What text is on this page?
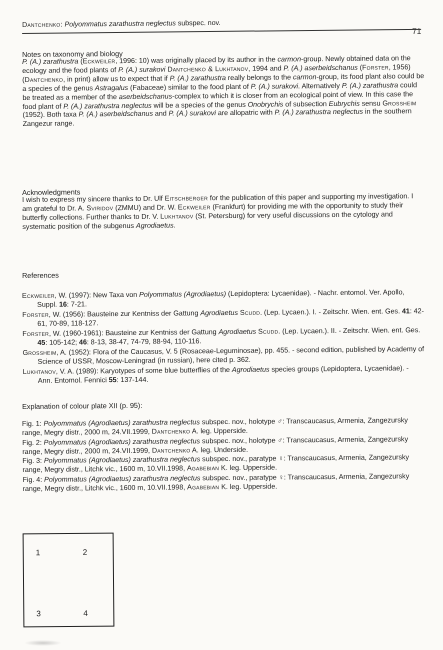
Dantchenko: Polyommatus zarathustra neglectus subspec. nov.
71

Notes on taxonomy and biology

P. (A.) zarathustra (Eckweiler, 1996: 10) was originally placed by its author in the carmon-group. Newly obtained data on the ecology and the food plants of P. (A.) surakovi Dantchenko & Lukhtanov, 1994 and P. (A.) aserbeidschanus (Forster, 1956) (Dantchenko, in print) allow us to expect that if P. (A.) zarathustra really belongs to the carmon-group, its food plant also could be a species of the genus Astragalus (Fabaceae) similar to the food plant of P. (A.) surakovi. Alternatively P. (A.) zarathustra could be treated as a member of the aserbeidschanus-complex to which it is closer from an ecological point of view. In this case the food plant of P. (A.) zarathustra neglectus will be a species of the genus Onobrychis of subsection Eubrychis sensu Grossheim (1952). Both taxa P. (A.) aserbeidschanus and P. (A.) surakovi are allopatric with P. (A.) zarathustra neglectus in the southern Zangezur range.

Acknowledgments

I wish to express my sincere thanks to Dr. Ulf Eitschberger for the publication of this paper and supporting my investigation. I am grateful to Dr. A. Sviridov (ZMMU) and Dr. W. Eckweiler (Frankfurt) for providing me with the opportunity to study their butterfly collections. Further thanks to Dr. V. Lukhtanov (St. Petersburg) for very useful discussions on the cytology and systematic position of the subgenus Agrodiaetus.

References

Eckweiler, W. (1997): New Taxa von Polyommatus (Agrodiaetus) (Lepidoptera: Lycaenidae). - Nachr. entomol. Ver. Apollo, Suppl. 16: 7-21.

Forster, W. (1956): Bausteine zur Kentniss der Gattung Agrodiaetus Scudd. (Lep. Lycaen.). I. - Zeitschr. Wien. ent. Ges. 41: 42-61, 70-89, 118-127.

Forster, W. (1960-1961): Bausteine zur Kentniss der Gattung Agrodiaetus Scudd. (Lep. Lycaen.). II. - Zeitschr. Wien. ent. Ges. 45: 105-142; 46: 8-13, 38-47, 74-79, 88-94, 110-116.

Grossheim, A. (1952): Flora of the Caucasus, V. 5 (Rosaceae-Leguminosae), pp. 455. - second edition, published by Academy of Science of USSR, Moscow-Leningrad (in russian), here cited p. 362.

Lukhtanov, V. A. (1989): Karyotypes of some blue butterflies of the Agrodiaetus species groups (Lepidoptera, Lycaenidae). - Ann. Entomol. Fennici 55: 137-144.

Explanation of colour plate XII (p. 95):

Fig. 1: Polyommatus (Agrodiaetus) zarathustra neglectus subspec. nov., holotype ♂: Transcaucasus, Armenia, Zangezursky range, Megry distr., 2000 m, 24.VII.1999, Dantchenko A. leg. Upperside.

Fig. 2: Polyommatus (Agrodiaetus) zarathustra neglectus subspec. nov., holotype ♂: Transcaucasus, Armenia, Zangezursky range, Megry distr., 2000 m, 24.VII.1999, Dantchenko A. leg. Underside.

Fig. 3: Polyommatus (Agrodiaetus) zarathustra neglectus subspec. nov., paratype ♀: Transcaucasus, Armenia, Zangezursky range, Megry distr., Litchk vic., 1600 m, 10.VII.1998, Agabebian K. leg. Upperside.

Fig. 4: Polyommatus (Agrodiaetus) zarathustra neglectus subspec. nov., paratype ♀: Transcaucasus, Armenia, Zangezursky range, Megry distr., Litchk vic., 1600 m, 10.VII.1998, Agabebian K. leg. Upperside.

1	2
3	4
